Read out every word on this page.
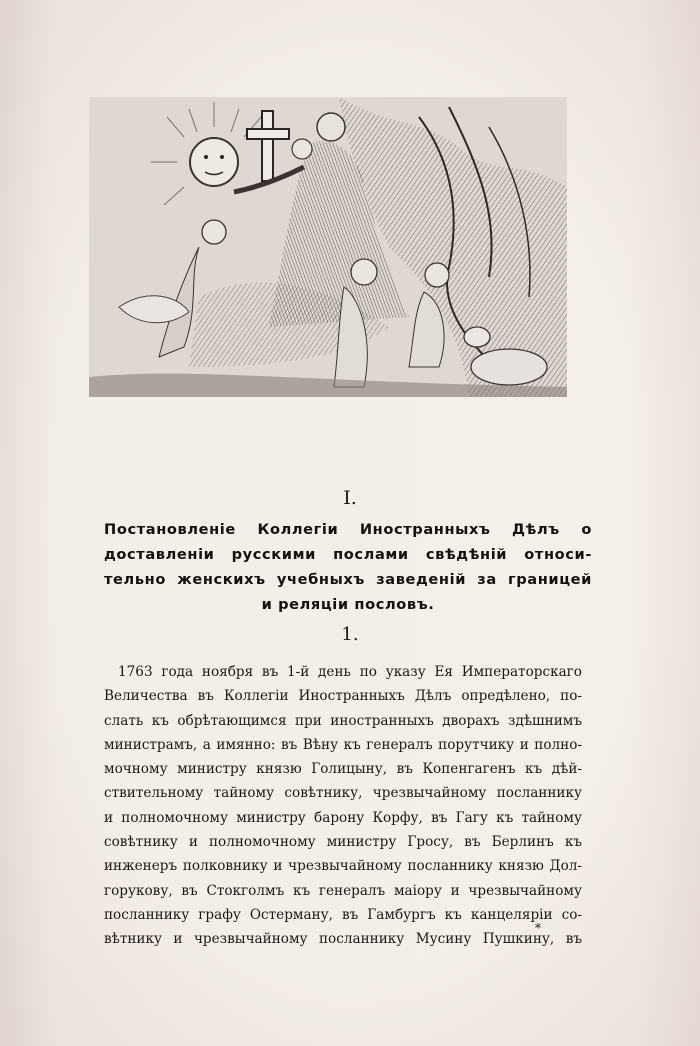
I.
Постановленіе Коллегіи Иностранныхъ Дѣлъ о
доставленіи русскими послами свѣдѣній относи-
тельно женскихъ учебныхъ заведеній за границей
и реляціи пословъ.
1.
1763 года ноября въ 1-й день по указу Ея Императорскаго
Величества въ Коллегіи Иностранныхъ Дѣлъ опредѣлено, по-
слать къ обрѣтающимся при иностранныхъ дворахъ здѣшнимъ
министрамъ, а имянно: въ Вѣну къ генералъ порутчику и полно-
мочному министру князю Голицыну, въ Копенгагенъ къ дѣй-
ствительному тайному совѣтнику, чрезвычайному посланнику
и полномочному министру барону Корфу, въ Гагу къ тайному
совѣтнику и полномочному министру Гросу, въ Берлинъ къ
инженеръ полковнику и чрезвычайному посланнику князю Дол-
горукову, въ Стокголмъ къ генералъ маіору и чрезвычайному
посланнику графу Остерману, въ Гамбургъ къ канцеляріи со-
вѣтнику и чрезвычайному посланнику Мусину Пушкину, въ
*
